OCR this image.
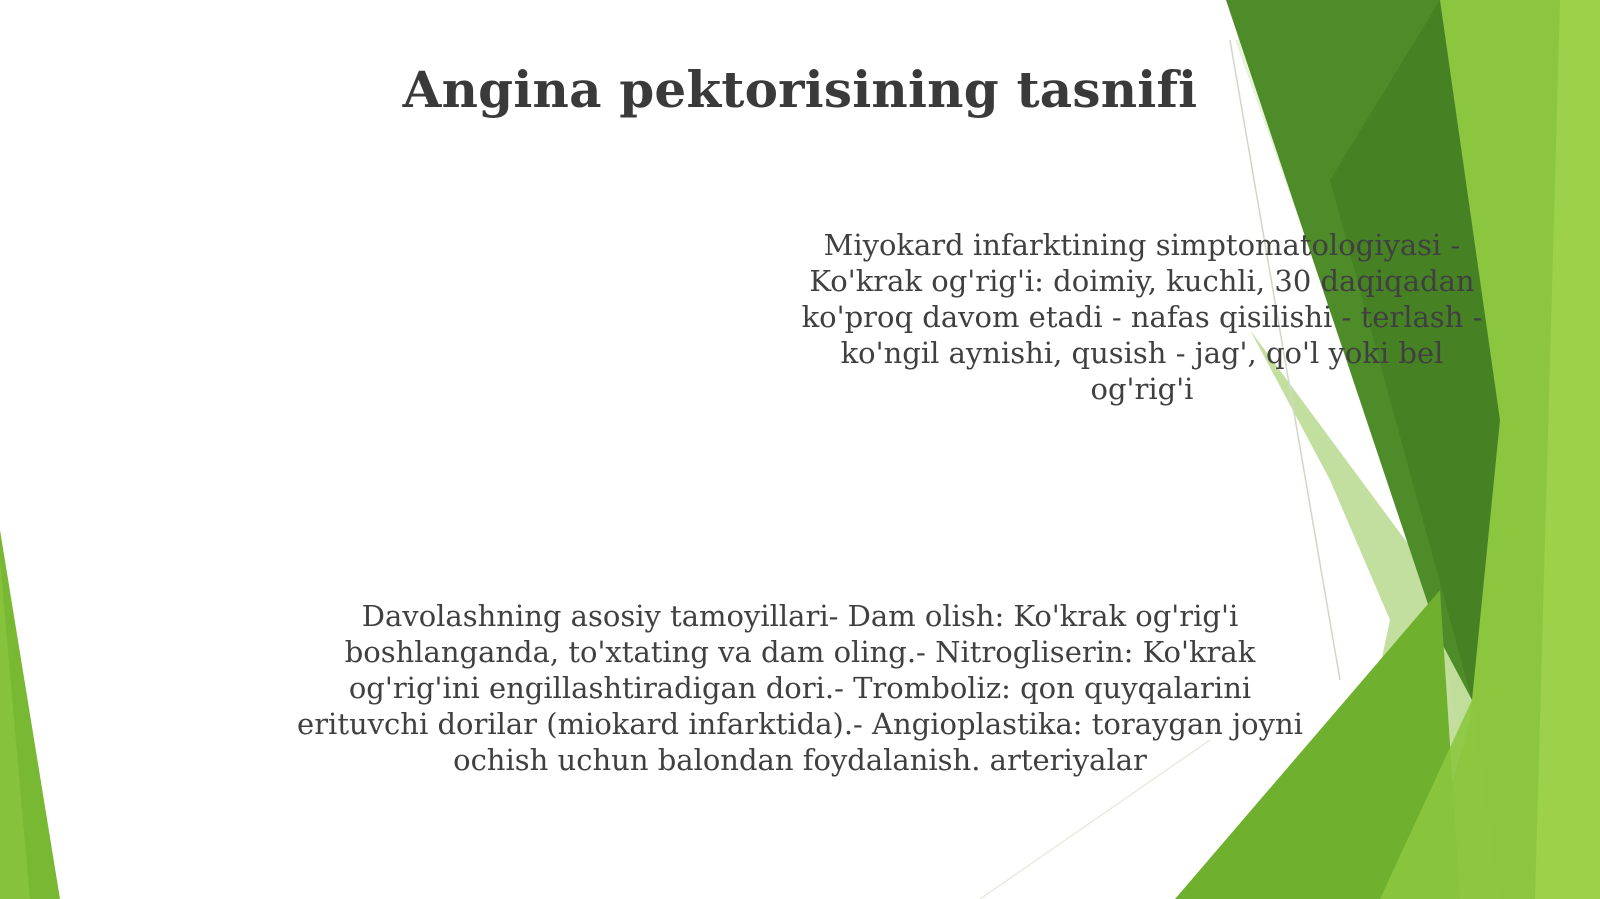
Angina pektorisining tasnifi
Miyokard infarktining simptomatologiyasi - Ko'krak og'rig'i: doimiy, kuchli, 30 daqiqadan ko'proq davom etadi - nafas qisilishi - terlash - ko'ngil aynishi, qusish - jag', qo'l yoki bel og'rig'i
Davolashning asosiy tamoyillari- Dam olish: Ko'krak og'rig'i boshlanganda, to'xtating va dam oling.- Nitrogliserin: Ko'krak og'rig'ini engillashtiradigan dori.- Tromboliz: qon quyqalarini erituvchi dorilar (miokard infarktida).- Angioplastika: toraygan joyni ochish uchun balondan foydalanish. arteriyalar
